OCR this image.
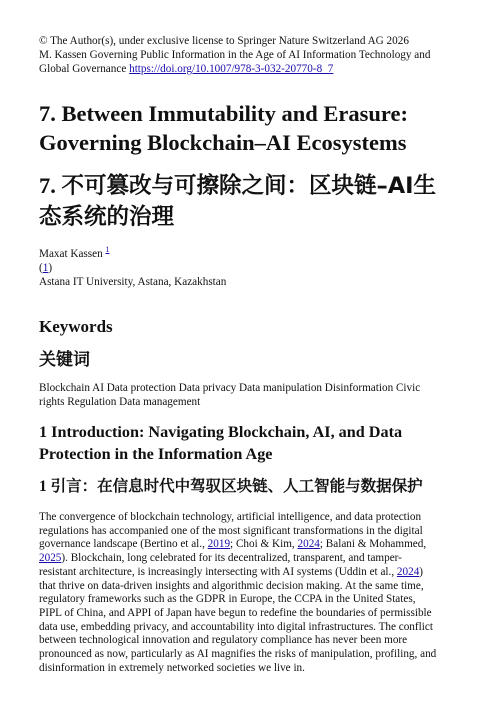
© The Author(s), under exclusive license to Springer Nature Switzerland AG 2026
M. Kassen Governing Public Information in the Age of AI Information Technology and
Global Governance https://doi.org/10.1007/978-3-032-20770-8_7
7. Between Immutability and Erasure:
Governing Blockchain–AI Ecosystems
7. 不可篡改与可擦除之间：区块链–AI生
态系统的治理
Maxat Kassen $^1$
(1)
Astana IT University, Astana, Kazakhstan
Keywords
关键词
Blockchain AI Data protection Data privacy Data manipulation Disinformation Civic
rights Regulation Data management
1 Introduction: Navigating Blockchain, AI, and Data
Protection in the Information Age
1 引言：在信息时代中驾驭区块链、人工智能与数据保护
The convergence of blockchain technology, artificial intelligence, and data protection
regulations has accompanied one of the most significant transformations in the digital
governance landscape (Bertino et al., 2019; Choi & Kim, 2024; Balani & Mohammed,
2025). Blockchain, long celebrated for its decentralized, transparent, and tamper-
resistant architecture, is increasingly intersecting with AI systems (Uddin et al., 2024)
that thrive on data-driven insights and algorithmic decision making. At the same time,
regulatory frameworks such as the GDPR in Europe, the CCPA in the United States,
PIPL of China, and APPI of Japan have begun to redefine the boundaries of permissible
data use, embedding privacy, and accountability into digital infrastructures. The conflict
between technological innovation and regulatory compliance has never been more
pronounced as now, particularly as AI magnifies the risks of manipulation, profiling, and
disinformation in extremely networked societies we live in.
